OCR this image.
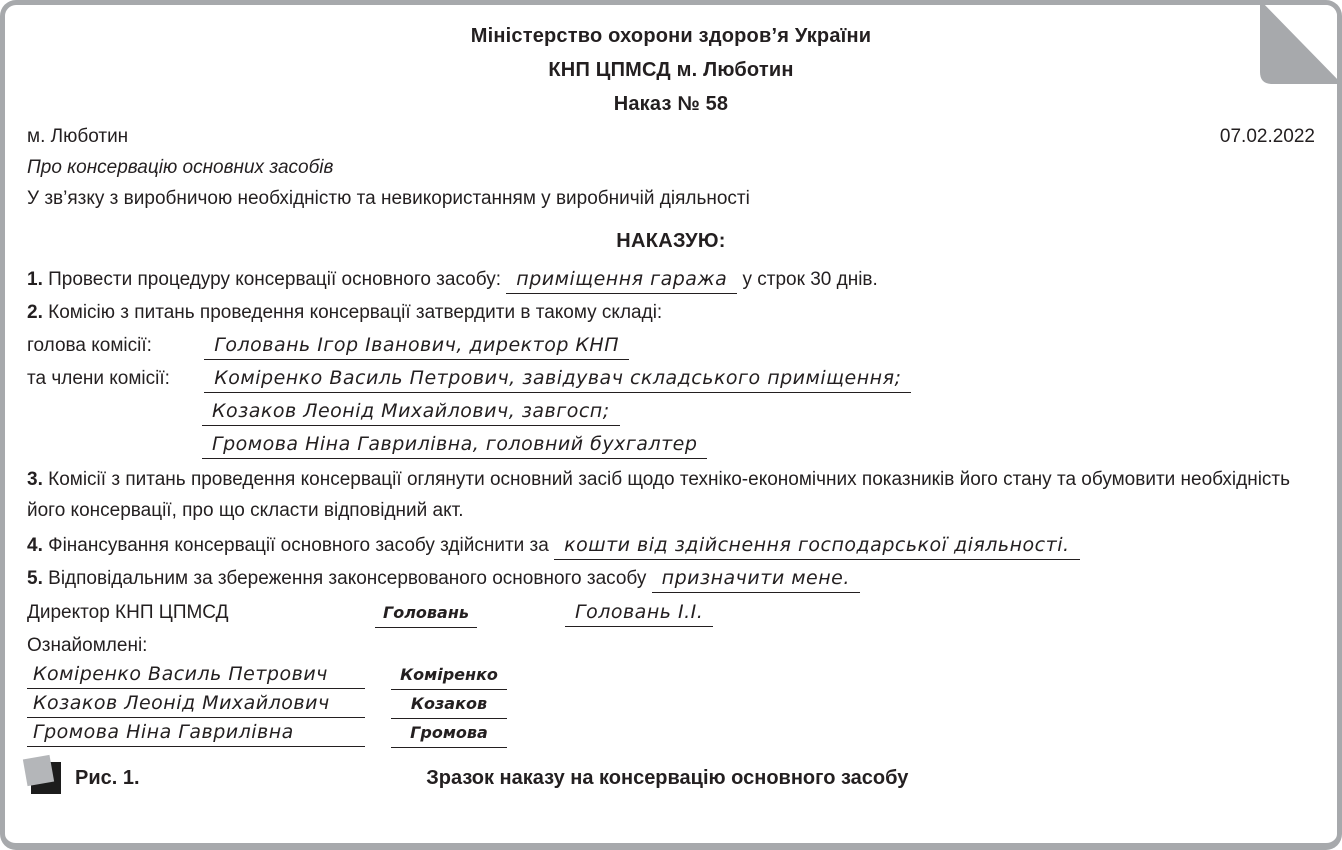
Міністерство охорони здоров’я України
КНП ЦПМСД м. Люботин
Наказ № 58
м. Люботин	07.02.2022
Про консервацію основних засобів
У зв’язку з виробничою необхідністю та невикористанням у виробничій діяльності
НАКАЗУЮ:
1. Провести процедуру консервації основного засобу: приміщення гаража у строк 30 днів.
2. Комісію з питань проведення консервації затвердити в такому складі:
голова комісії:	Головань Ігор Іванович, директор КНП
та члени комісії: Коміренко Василь Петрович, завідувач складського приміщення;
Козаков Леонід Михайлович, завгосп;
Громова Ніна Гаврилівна, головний бухгалтер
3. Комісії з питань проведення консервації оглянути основний засіб щодо техніко-економічних показників його стану та обумовити необхідність його консервації, про що скласти відповідний акт.
4. Фінансування консервації основного засобу здійснити за кошти від здійснення господарської діяльності.
5. Відповідальним за збереження законсервованого основного засобу призначити мене.
Директор КНП ЦПМСД	Головань	Головань І.І.
Ознайомлені:
Коміренко Василь Петрович	Коміренко
Козаков Леонід Михайлович	Козаков
Громова Ніна Гаврилівна	Громова
Рис. 1.	Зразок наказу на консервацію основного засобу
